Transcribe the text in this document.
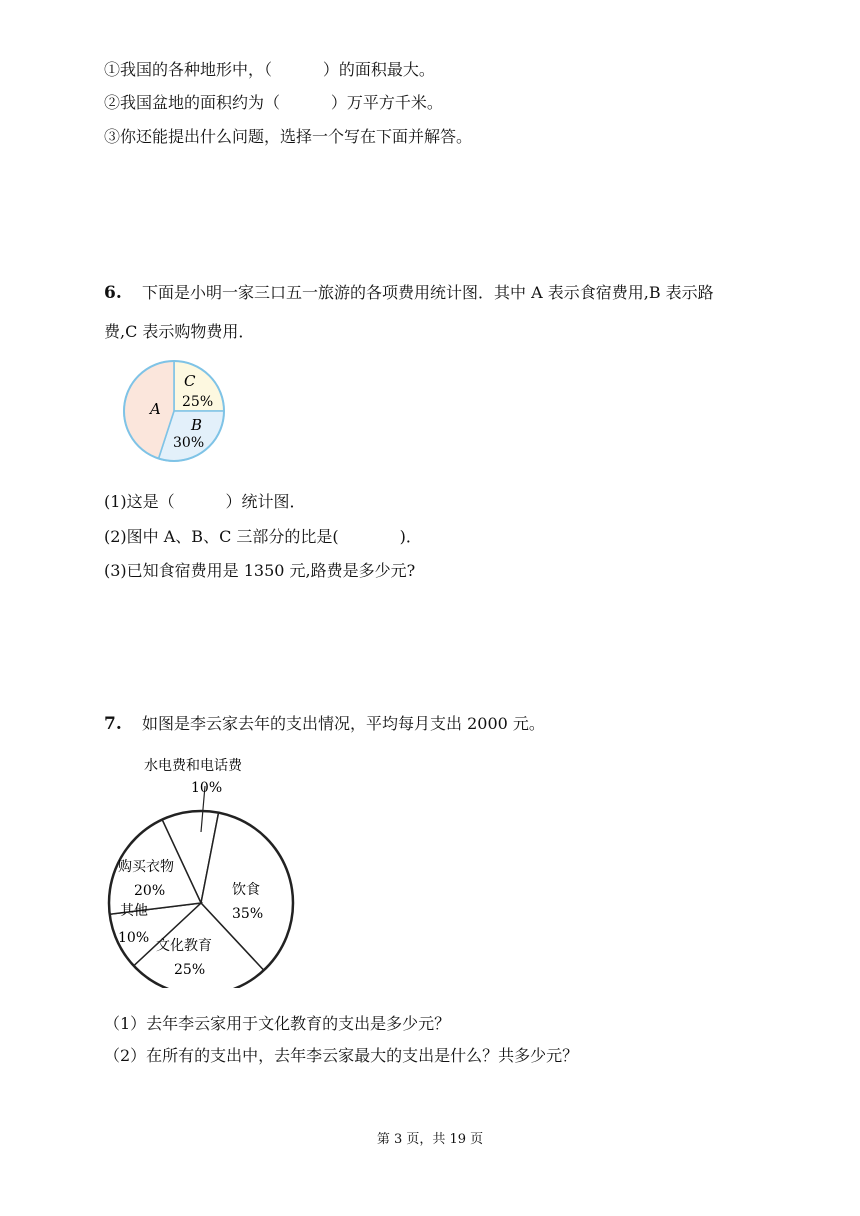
①我国的各种地形中，（          ）的面积最大。
②我国盆地的面积约为（          ）万平方千米。
③你还能提出什么问题，选择一个写在下面并解答。
6. 下面是小明一家三口五一旅游的各项费用统计图．其中 A 表示食宿费用,B 表示路
费,C 表示购物费用．
A
C
25%
B
30%
(1)这是（          ）统计图．
(2)图中 A、B、C 三部分的比是(            )．
(3)已知食宿费用是 1350 元,路费是多少元?
7. 如图是李云家去年的支出情况，平均每月支出 2000 元。
水电费和电话费
10%
饮食
35%
文化教育
25%
其他
10%
购买衣物
20%
（1）去年李云家用于文化教育的支出是多少元？
（2）在所有的支出中，去年李云家最大的支出是什么？共多少元？
第 3 页，共 19 页
